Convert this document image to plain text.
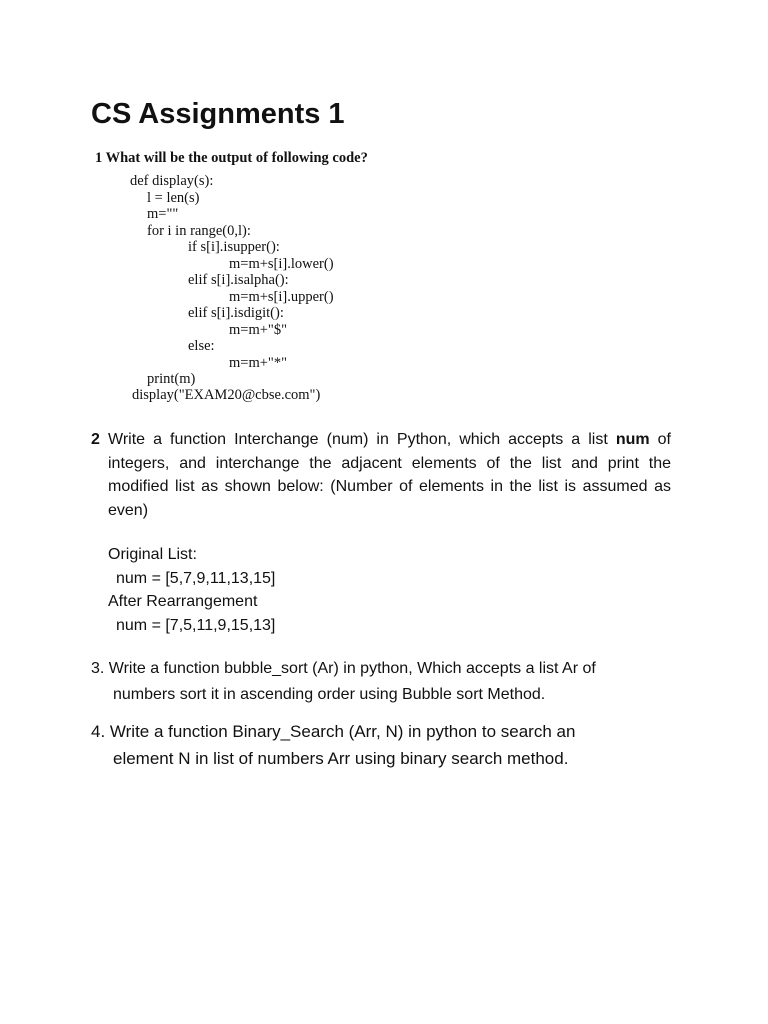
CS Assignments 1
1 What will be the output of following code?
def display(s):
l = len(s)
m=""
for i in range(0,l):
if s[i].isupper():
m=m+s[i].lower()
elif s[i].isalpha():
m=m+s[i].upper()
elif s[i].isdigit():
m=m+"$"
else:
m=m+"*"
print(m)
display("EXAM20@cbse.com")
2 Write a function Interchange (num) in Python, which accepts a list num of integers, and interchange the adjacent elements of the list and print the modified list as shown below: (Number of elements in the list is assumed as even)
Original List:
num = [5,7,9,11,13,15]
After Rearrangement
num = [7,5,11,9,15,13]
3. Write a function bubble_sort (Ar) in python, Which accepts a list Ar of
numbers sort it in ascending order using Bubble sort Method.
4. Write a function Binary_Search (Arr, N) in python to search an
element N in list of numbers Arr using binary search method.
